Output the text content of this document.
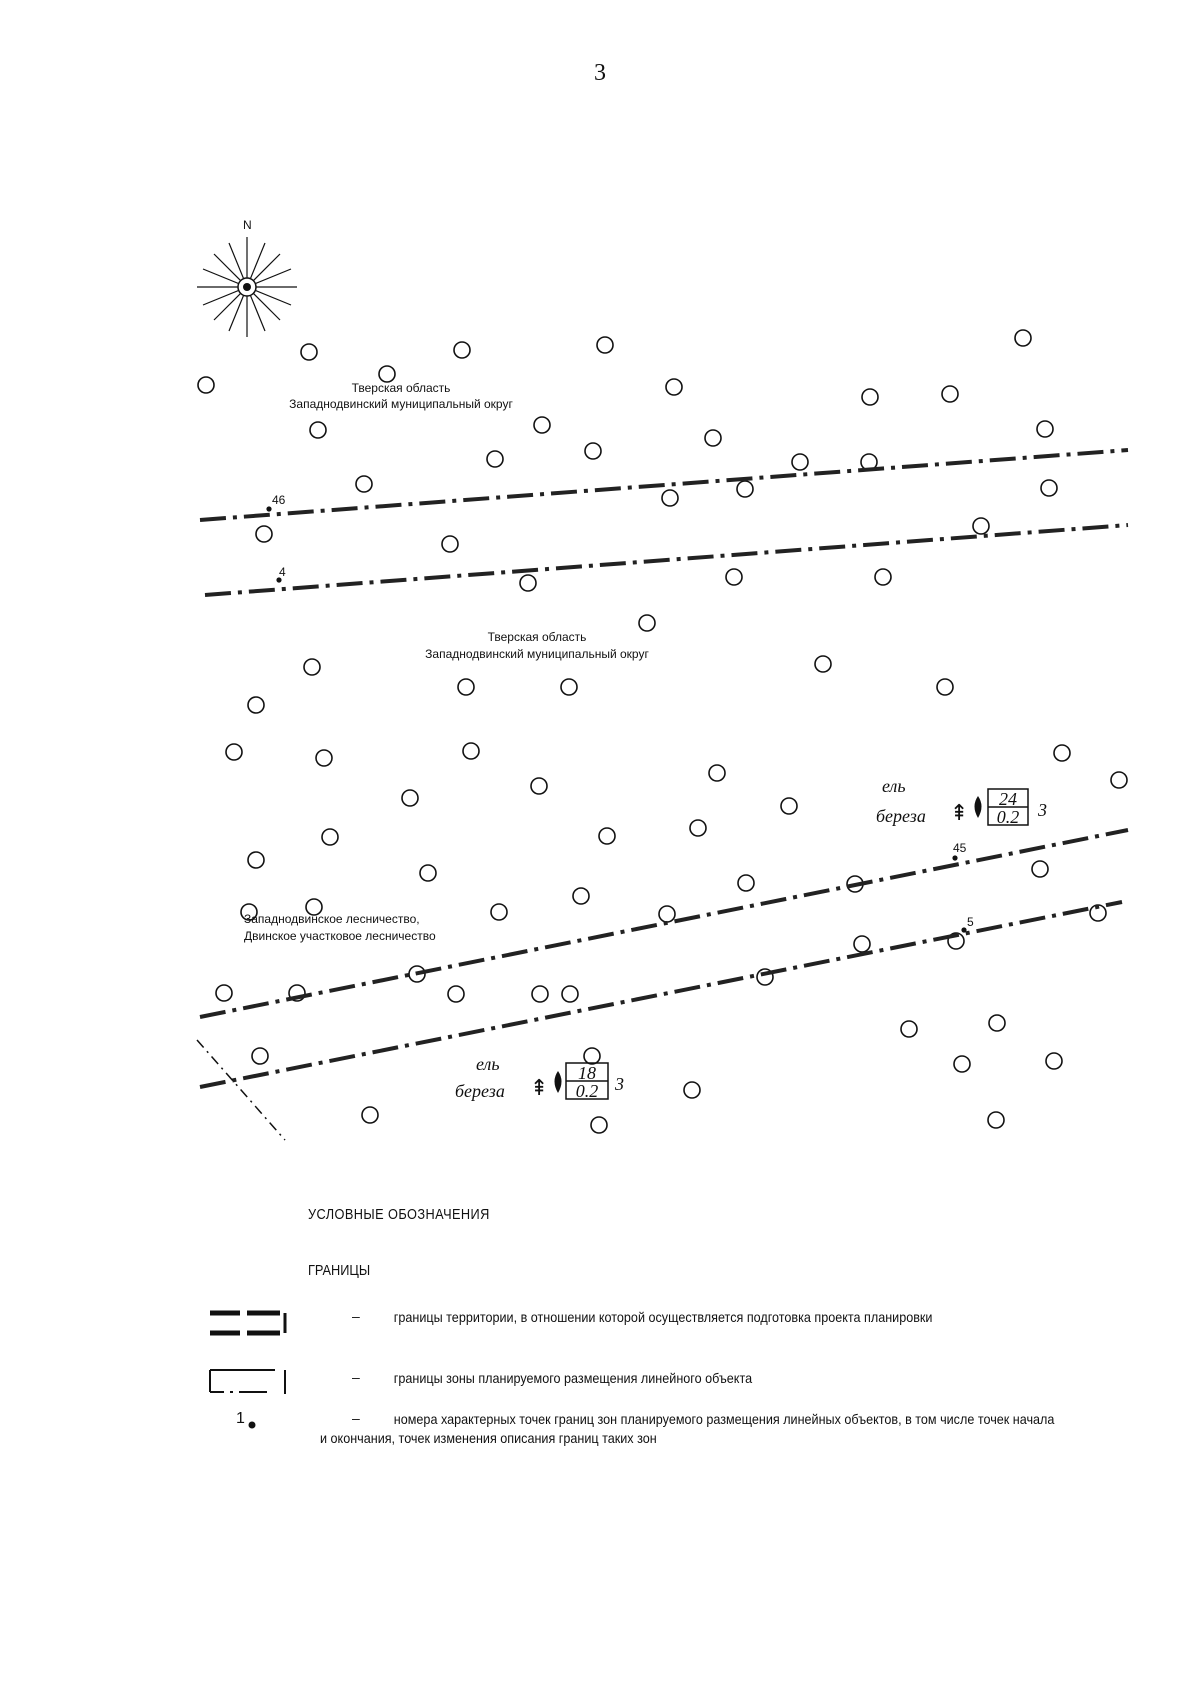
3
N
46
4
45
5
Тверская область
Западнодвинский муниципальный округ
Тверская область
Западнодвинский муниципальный округ
Западнодвинское лесничество,
Двинское участковое лесничество
ель
береза ⇞
24
0.2 3
ель
береза ⇞
18
0.2 3
УСЛОВНЫЕ ОБОЗНАЧЕНИЯ
ГРАНИЦЫ
–	границы территории, в отношении которой осуществляется подготовка проекта планировки
–	границы зоны планируемого размещения линейного объекта
1	–	номера характерных точек границ зон планируемого размещения линейных объектов, в том числе точек начала и окончания, точек изменения описания границ таких зон
